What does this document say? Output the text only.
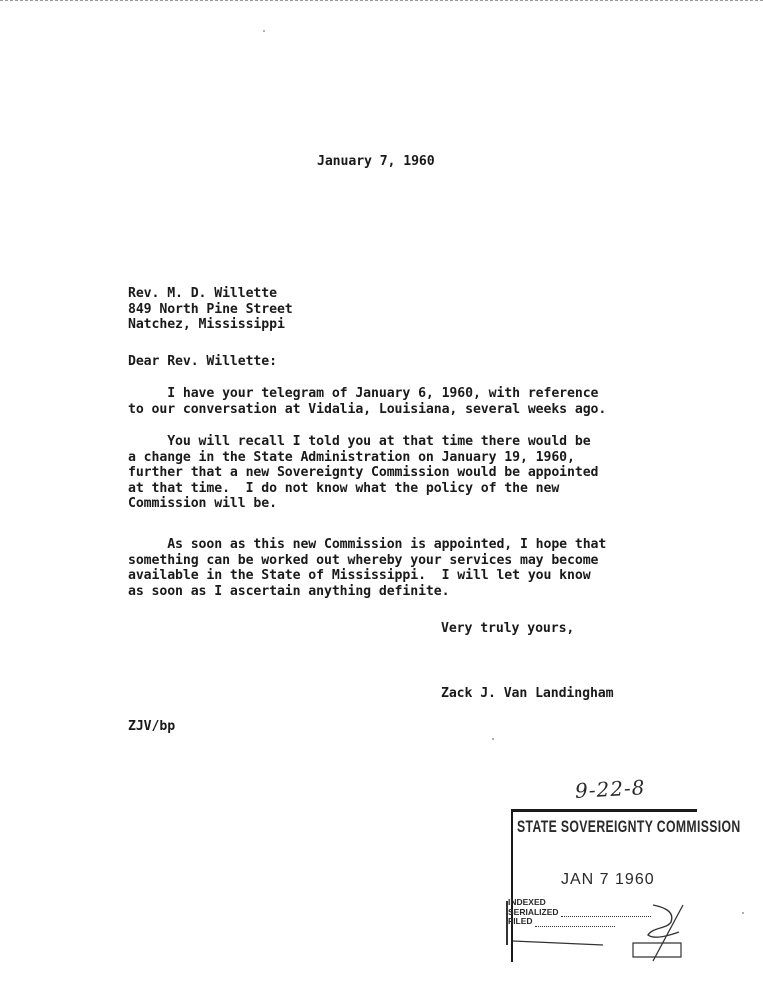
January 7, 1960
Rev. M. D. Willette
849 North Pine Street
Natchez, Mississippi
Dear Rev. Willette:
I have your telegram of January 6, 1960, with reference
to our conversation at Vidalia, Louisiana, several weeks ago.
You will recall I told you at that time there would be
a change in the State Administration on January 19, 1960,
further that a new Sovereignty Commission would be appointed
at that time.  I do not know what the policy of the new
Commission will be.
As soon as this new Commission is appointed, I hope that
something can be worked out whereby your services may become
available in the State of Mississippi.  I will let you know
as soon as I ascertain anything definite.
Very truly yours,
Zack J. Van Landingham
ZJV/bp
9-22-8
STATE SOVEREIGNTY COMMISSION
JAN 7 1960
INDEXED
SERIALIZED
FILED
